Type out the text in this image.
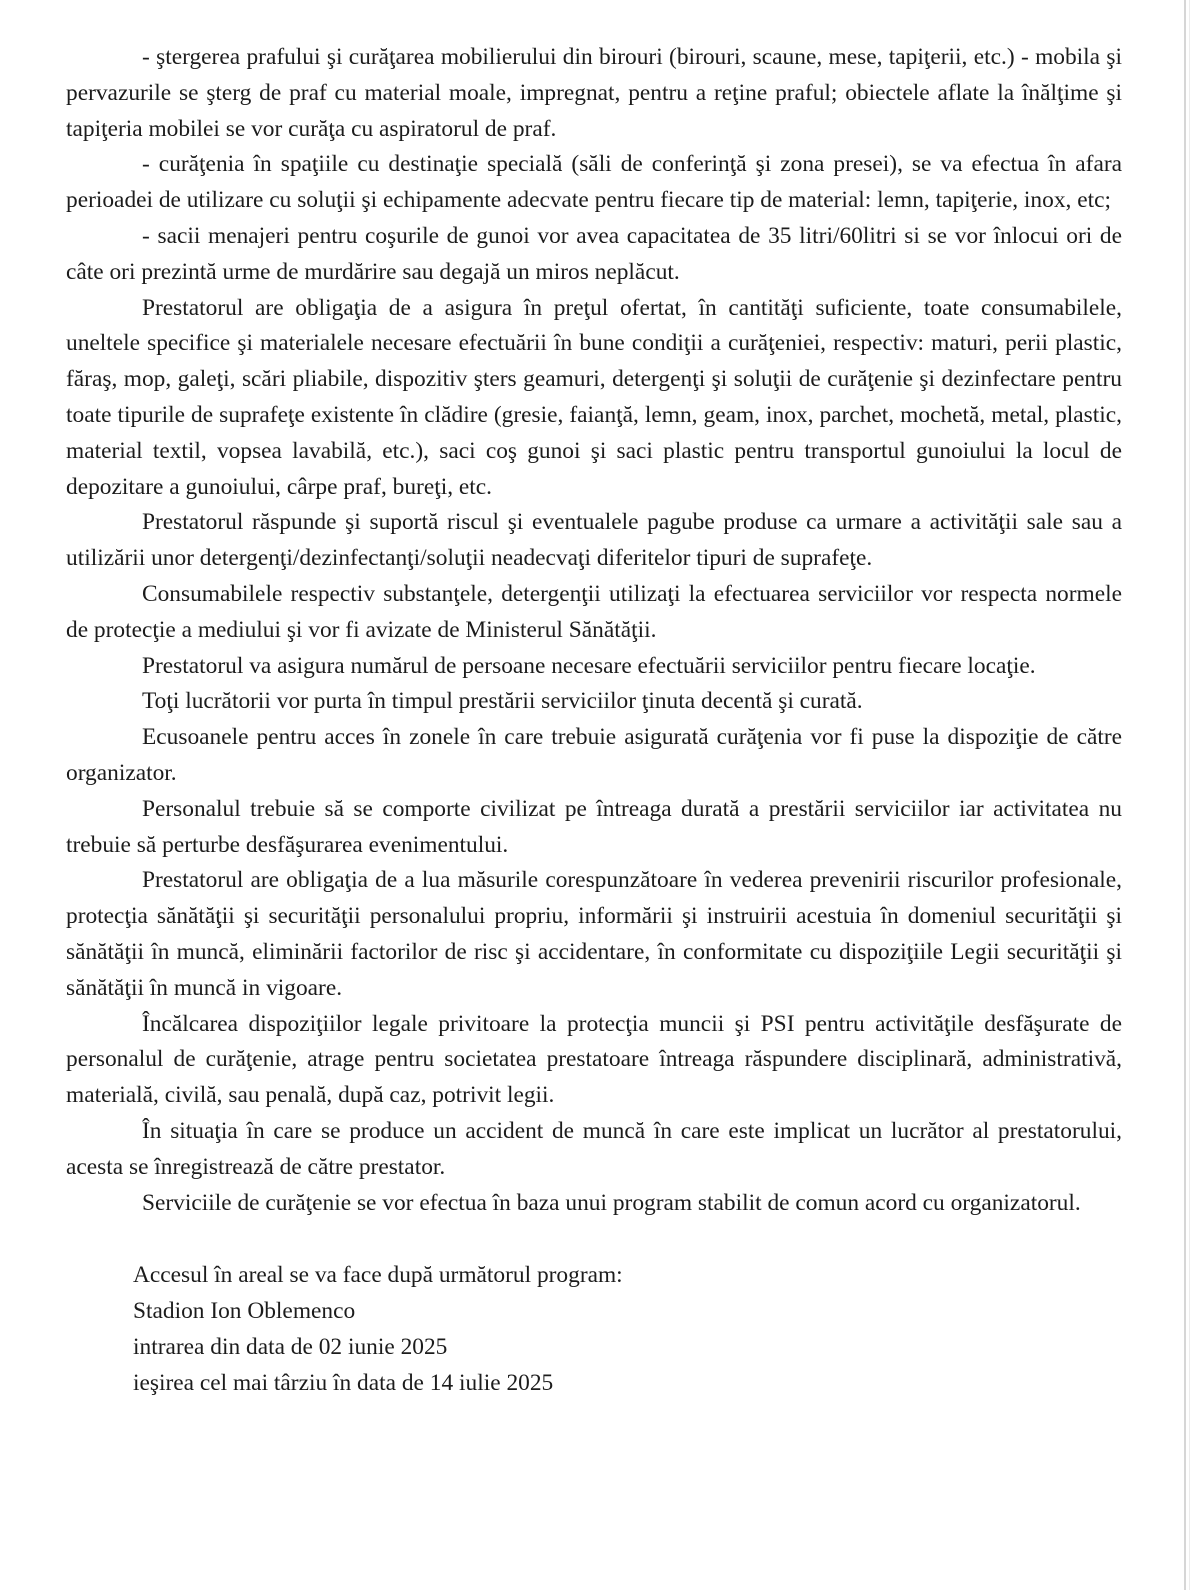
- ştergerea prafului şi curăţarea mobilierului din birouri (birouri, scaune, mese, tapiţerii, etc.) - mobila şi pervazurile se şterg de praf cu material moale, impregnat, pentru a reţine praful; obiectele aflate la înălţime şi tapiţeria mobilei se vor curăţa cu aspiratorul de praf.

- curăţenia în spaţiile cu destinaţie specială (săli de conferinţă şi zona presei), se va efectua în afara perioadei de utilizare cu soluţii şi echipamente adecvate pentru fiecare tip de material: lemn, tapiţerie, inox, etc;

- sacii menajeri pentru coşurile de gunoi vor avea capacitatea de 35 litri/60litri si se vor înlocui ori de câte ori prezintă urme de murdărire sau degajă un miros neplăcut.

Prestatorul are obligaţia de a asigura în preţul ofertat, în cantităţi suficiente, toate consumabilele, uneltele specifice şi materialele necesare efectuării în bune condiţii a curăţeniei, respectiv: maturi, perii plastic, făraş, mop, galeţi, scări pliabile, dispozitiv şters geamuri, detergenţi şi soluţii de curăţenie şi dezinfectare pentru toate tipurile de suprafeţe existente în clădire (gresie, faianţă, lemn, geam, inox, parchet, mochetă, metal, plastic, material textil, vopsea lavabilă, etc.), saci coş gunoi şi saci plastic pentru transportul gunoiului la locul de depozitare a gunoiului, cârpe praf, bureţi, etc.

Prestatorul răspunde şi suportă riscul şi eventualele pagube produse ca urmare a activităţii sale sau a utilizării unor detergenţi/dezinfectanţi/soluţii neadecvaţi diferitelor tipuri de suprafeţe.

Consumabilele respectiv substanţele, detergenţii utilizaţi la efectuarea serviciilor vor respecta normele de protecţie a mediului şi vor fi avizate de Ministerul Sănătăţii.

Prestatorul va asigura numărul de persoane necesare efectuării serviciilor pentru fiecare locaţie.

Toţi lucrătorii vor purta în timpul prestării serviciilor ţinuta decentă şi curată.

Ecusoanele pentru acces în zonele în care trebuie asigurată curăţenia vor fi puse la dispoziţie de către organizator.

Personalul trebuie să se comporte civilizat pe întreaga durată a prestării serviciilor iar activitatea nu trebuie să perturbe desfăşurarea evenimentului.

Prestatorul are obligaţia de a lua măsurile corespunzătoare în vederea prevenirii riscurilor profesionale, protecţia sănătăţii şi securităţii personalului propriu, informării şi instruirii acestuia în domeniul securităţii şi sănătăţii în muncă, eliminării factorilor de risc şi accidentare, în conformitate cu dispoziţiile Legii securităţii şi sănătăţii în muncă in vigoare.

Încălcarea dispoziţiilor legale privitoare la protecţia muncii şi PSI pentru activităţile desfăşurate de personalul de curăţenie, atrage pentru societatea prestatoare întreaga răspundere disciplinară, administrativă, materială, civilă, sau penală, după caz, potrivit legii.

În situaţia în care se produce un accident de muncă în care este implicat un lucrător al prestatorului, acesta se înregistrează de către prestator.

Serviciile de curăţenie se vor efectua în baza unui program stabilit de comun acord cu organizatorul.

Accesul în areal se va face după următorul program:
Stadion Ion Oblemenco
intrarea din data de 02 iunie 2025
ieşirea cel mai târziu în data de 14 iulie 2025
